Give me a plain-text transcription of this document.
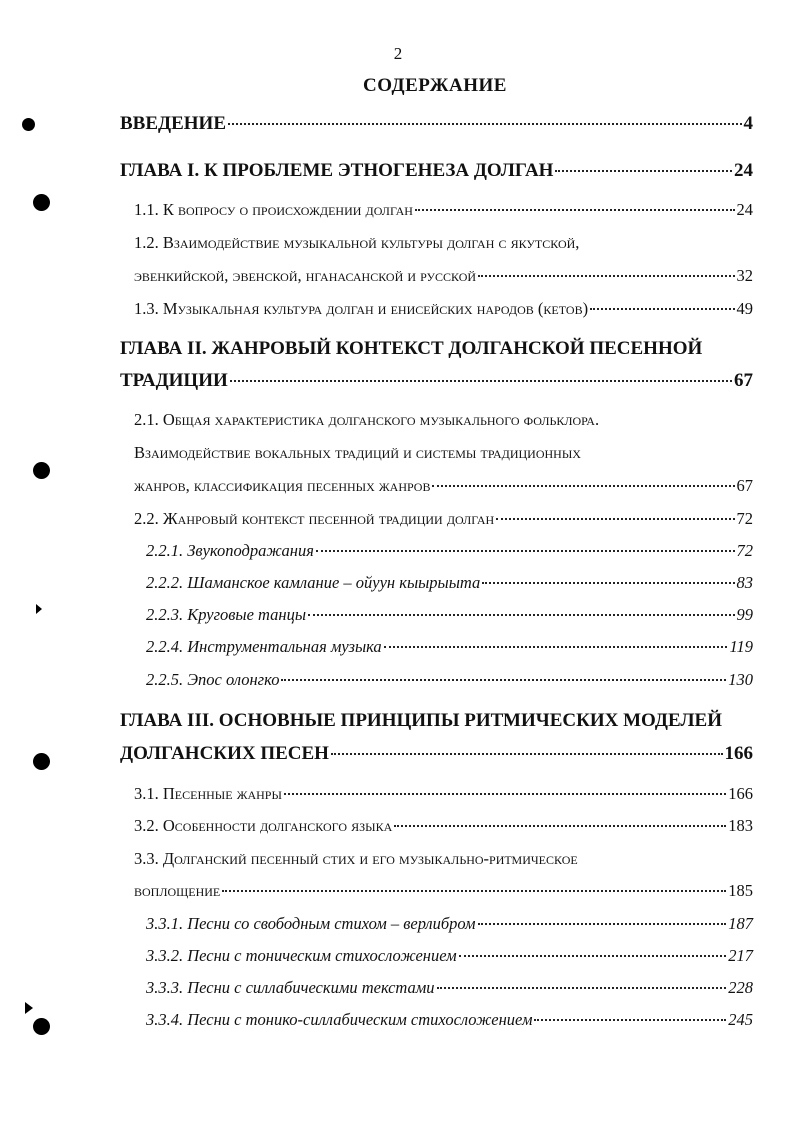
2
СОДЕРЖАНИЕ
ВВЕДЕНИЕ	4
ГЛАВА I. К ПРОБЛЕМЕ ЭТНОГЕНЕЗА ДОЛГАН	24
1.1. К вопросу о происхождении долган	24
1.2. Взаимодействие музыкальной культуры долган с якутской,
эвенкийской, эвенской, нганасанской и русской	32
1.3. Музыкальная культура долган и енисейских народов (кетов)	49
ГЛАВА II. ЖАНРОВЫЙ КОНТЕКСТ ДОЛГАНСКОЙ ПЕСЕННОЙ
ТРАДИЦИИ	67
2.1. Общая характеристика долганского музыкального фольклора.
Взаимодействие вокальных традиций и системы традиционных
жанров, классификация песенных жанров	67
2.2. Жанровый контекст песенной традиции долган	72
2.2.1. Звукоподражания	72
2.2.2. Шаманское камлание – ойуун кыырыыта	83
2.2.3. Круговые танцы	99
2.2.4. Инструментальная музыка	119
2.2.5. Эпос олонгко	130
ГЛАВА III. ОСНОВНЫЕ ПРИНЦИПЫ РИТМИЧЕСКИХ МОДЕЛЕЙ
ДОЛГАНСКИХ ПЕСЕН	166
3.1. Песенные жанры	166
3.2. Особенности долганского языка	183
3.3. Долганский песенный стих и его музыкально-ритмическое
воплощение	185
3.3.1. Песни со свободным стихом – верлибром	187
3.3.2. Песни с тоническим стихосложением	217
3.3.3. Песни с силлабическими текстами	228
3.3.4. Песни с тонико-силлабическим стихосложением	245
